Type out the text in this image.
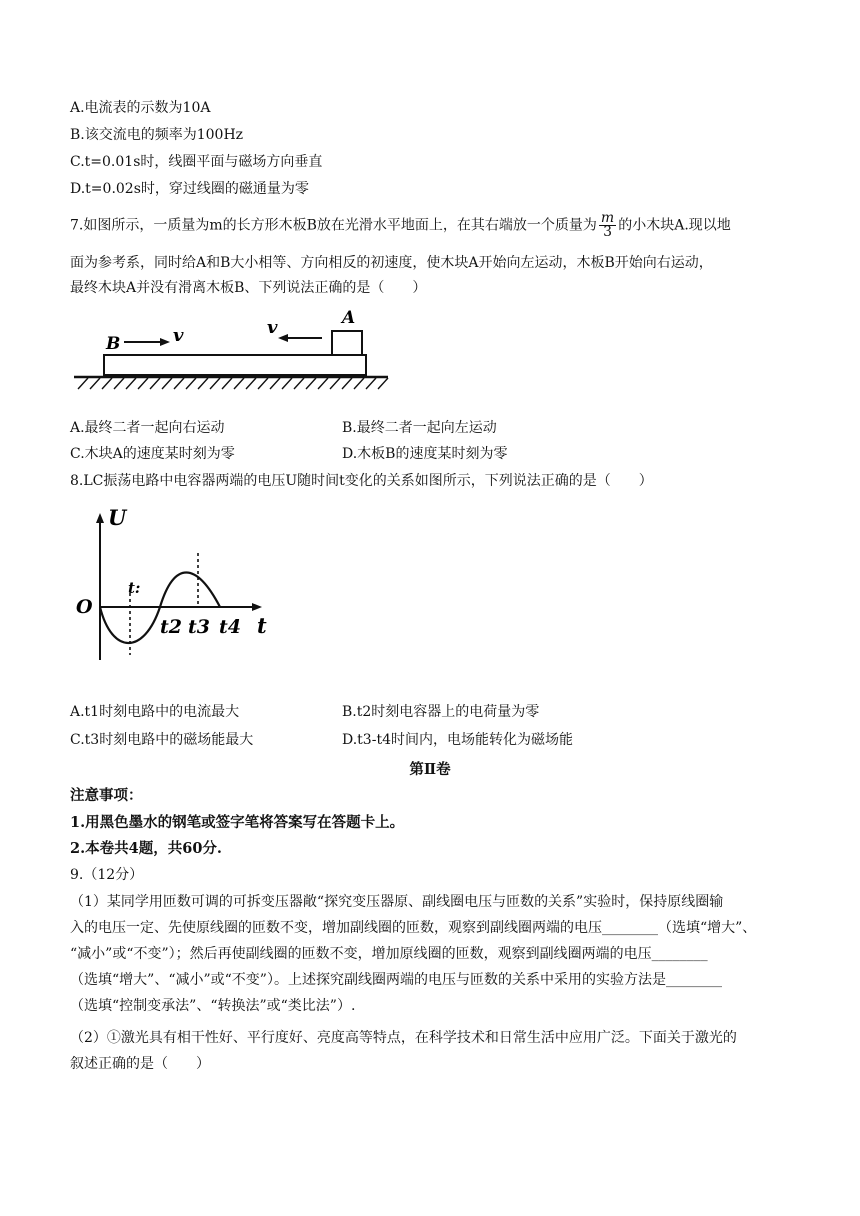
A.电流表的示数为10A
B.该交流电的频率为100Hz
C.t=0.01s时，线圈平面与磁场方向垂直
D.t=0.02s时，穿过线圈的磁通量为零
7.如图所示，一质量为m的长方形木板B放在光滑水平地面上，在其右端放一个质量为 $\frac{m}{3}$ 的小木块A.现以地
面为参考系，同时给A和B大小相等、方向相反的初速度，使木块A开始向左运动，木板B开始向右运动，
最终木块A并没有滑离木板B、下列说法正确的是（　　）
B	v	v	A
A.最终二者一起向右运动	B.最终二者一起向左运动
C.木块A的速度某时刻为零	D.木板B的速度某时刻为零
8.LC振荡电路中电容器两端的电压U随时间t变化的关系如图所示，下列说法正确的是（　　）
U
O
t
t:
t2 t3 t4
A.t1时刻电路中的电流最大	B.t2时刻电容器上的电荷量为零
C.t3时刻电路中的磁场能最大	D.t3-t4时间内，电场能转化为磁场能
第Ⅱ卷
注意事项：
1.用黑色墨水的钢笔或签字笔将答案写在答题卡上。
2.本卷共4题，共60分.
9.（12分）
（1）某同学用匝数可调的可拆变压器敞“探究变压器原、副线圈电压与匝数的关系”实验时，保持原线圈输
入的电压一定、先使原线圈的匝数不变，增加副线圈的匝数，观察到副线圈两端的电压________（选填“增大”、
“减小”或“不变”）；然后再使副线圈的匝数不变，增加原线圈的匝数，观察到副线圈两端的电压________
（选填“增大”、“减小”或“不变”）。上述探究副线圈两端的电压与匝数的关系中采用的实验方法是________
（选填“控制变承法”、“转换法”或“类比法”）.
（2）①激光具有相干性好、平行度好、亮度高等特点，在科学技术和日常生活中应用广泛。下面关于激光的
叙述正确的是（　　）
